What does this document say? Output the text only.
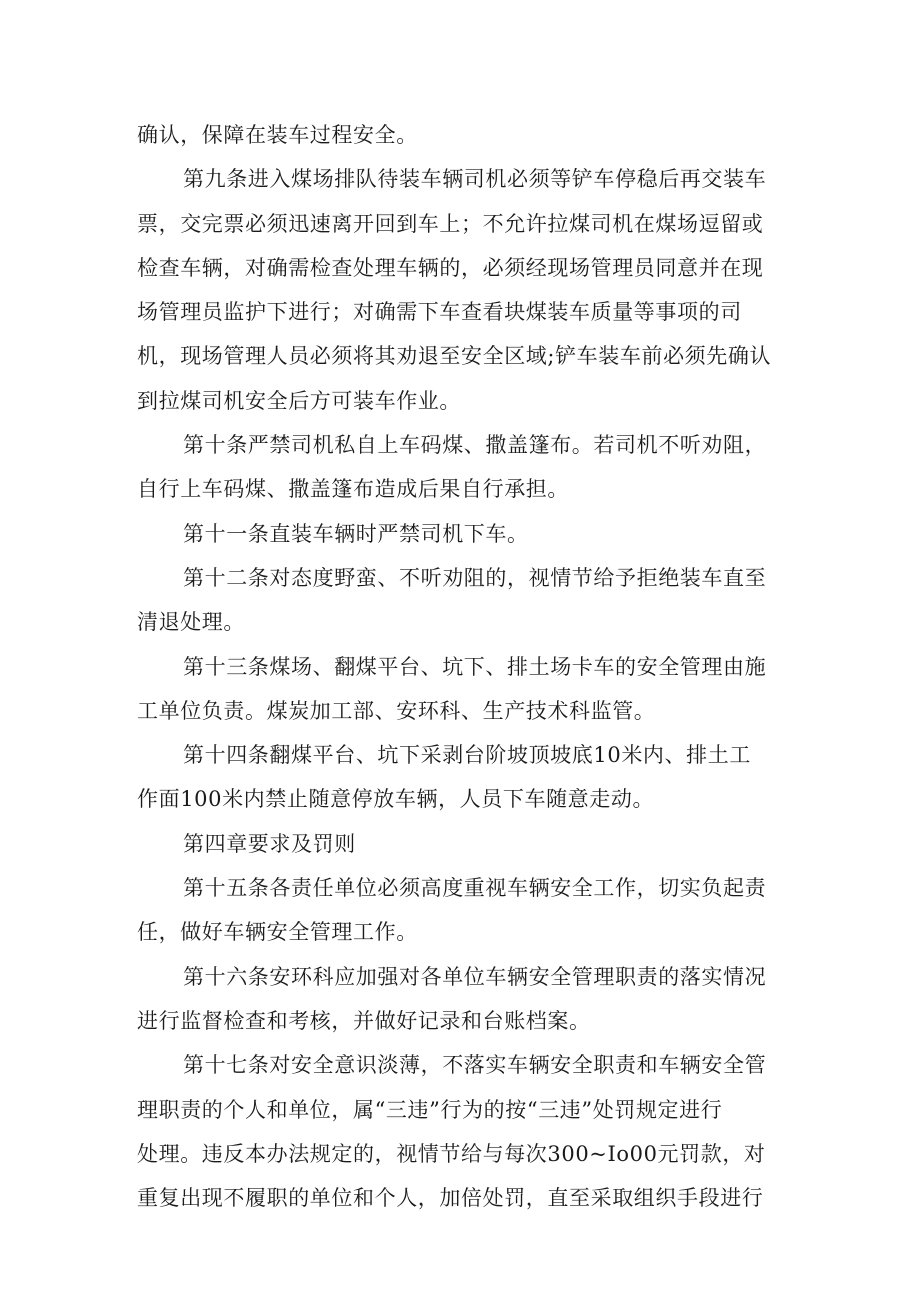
确认，保障在装车过程安全。
第九条进入煤场排队待装车辆司机必须等铲车停稳后再交装车
票，交完票必须迅速离开回到车上；不允许拉煤司机在煤场逗留或
检查车辆，对确需检查处理车辆的，必须经现场管理员同意并在现
场管理员监护下进行；对确需下车查看块煤装车质量等事项的司
机，现场管理人员必须将其劝退至安全区域;铲车装车前必须先确认
到拉煤司机安全后方可装车作业。
第十条严禁司机私自上车码煤、撒盖篷布。若司机不听劝阻，
自行上车码煤、撒盖篷布造成后果自行承担。
第十一条直装车辆时严禁司机下车。
第十二条对态度野蛮、不听劝阻的，视情节给予拒绝装车直至
清退处理。
第十三条煤场、翻煤平台、坑下、排土场卡车的安全管理由施
工单位负责。煤炭加工部、安环科、生产技术科监管。
第十四条翻煤平台、坑下采剥台阶坡顶坡底10米内、排土工
作面100米内禁止随意停放车辆，人员下车随意走动。
第四章要求及罚则
第十五条各责任单位必须高度重视车辆安全工作，切实负起责
任，做好车辆安全管理工作。
第十六条安环科应加强对各单位车辆安全管理职责的落实情况
进行监督检查和考核，并做好记录和台账档案。
第十七条对安全意识淡薄，不落实车辆安全职责和车辆安全管
理职责的个人和单位，属“三违”行为的按“三违”处罚规定进行
处理。违反本办法规定的，视情节给与每次300~Io00元罚款，对
重复出现不履职的单位和个人，加倍处罚，直至采取组织手段进行
